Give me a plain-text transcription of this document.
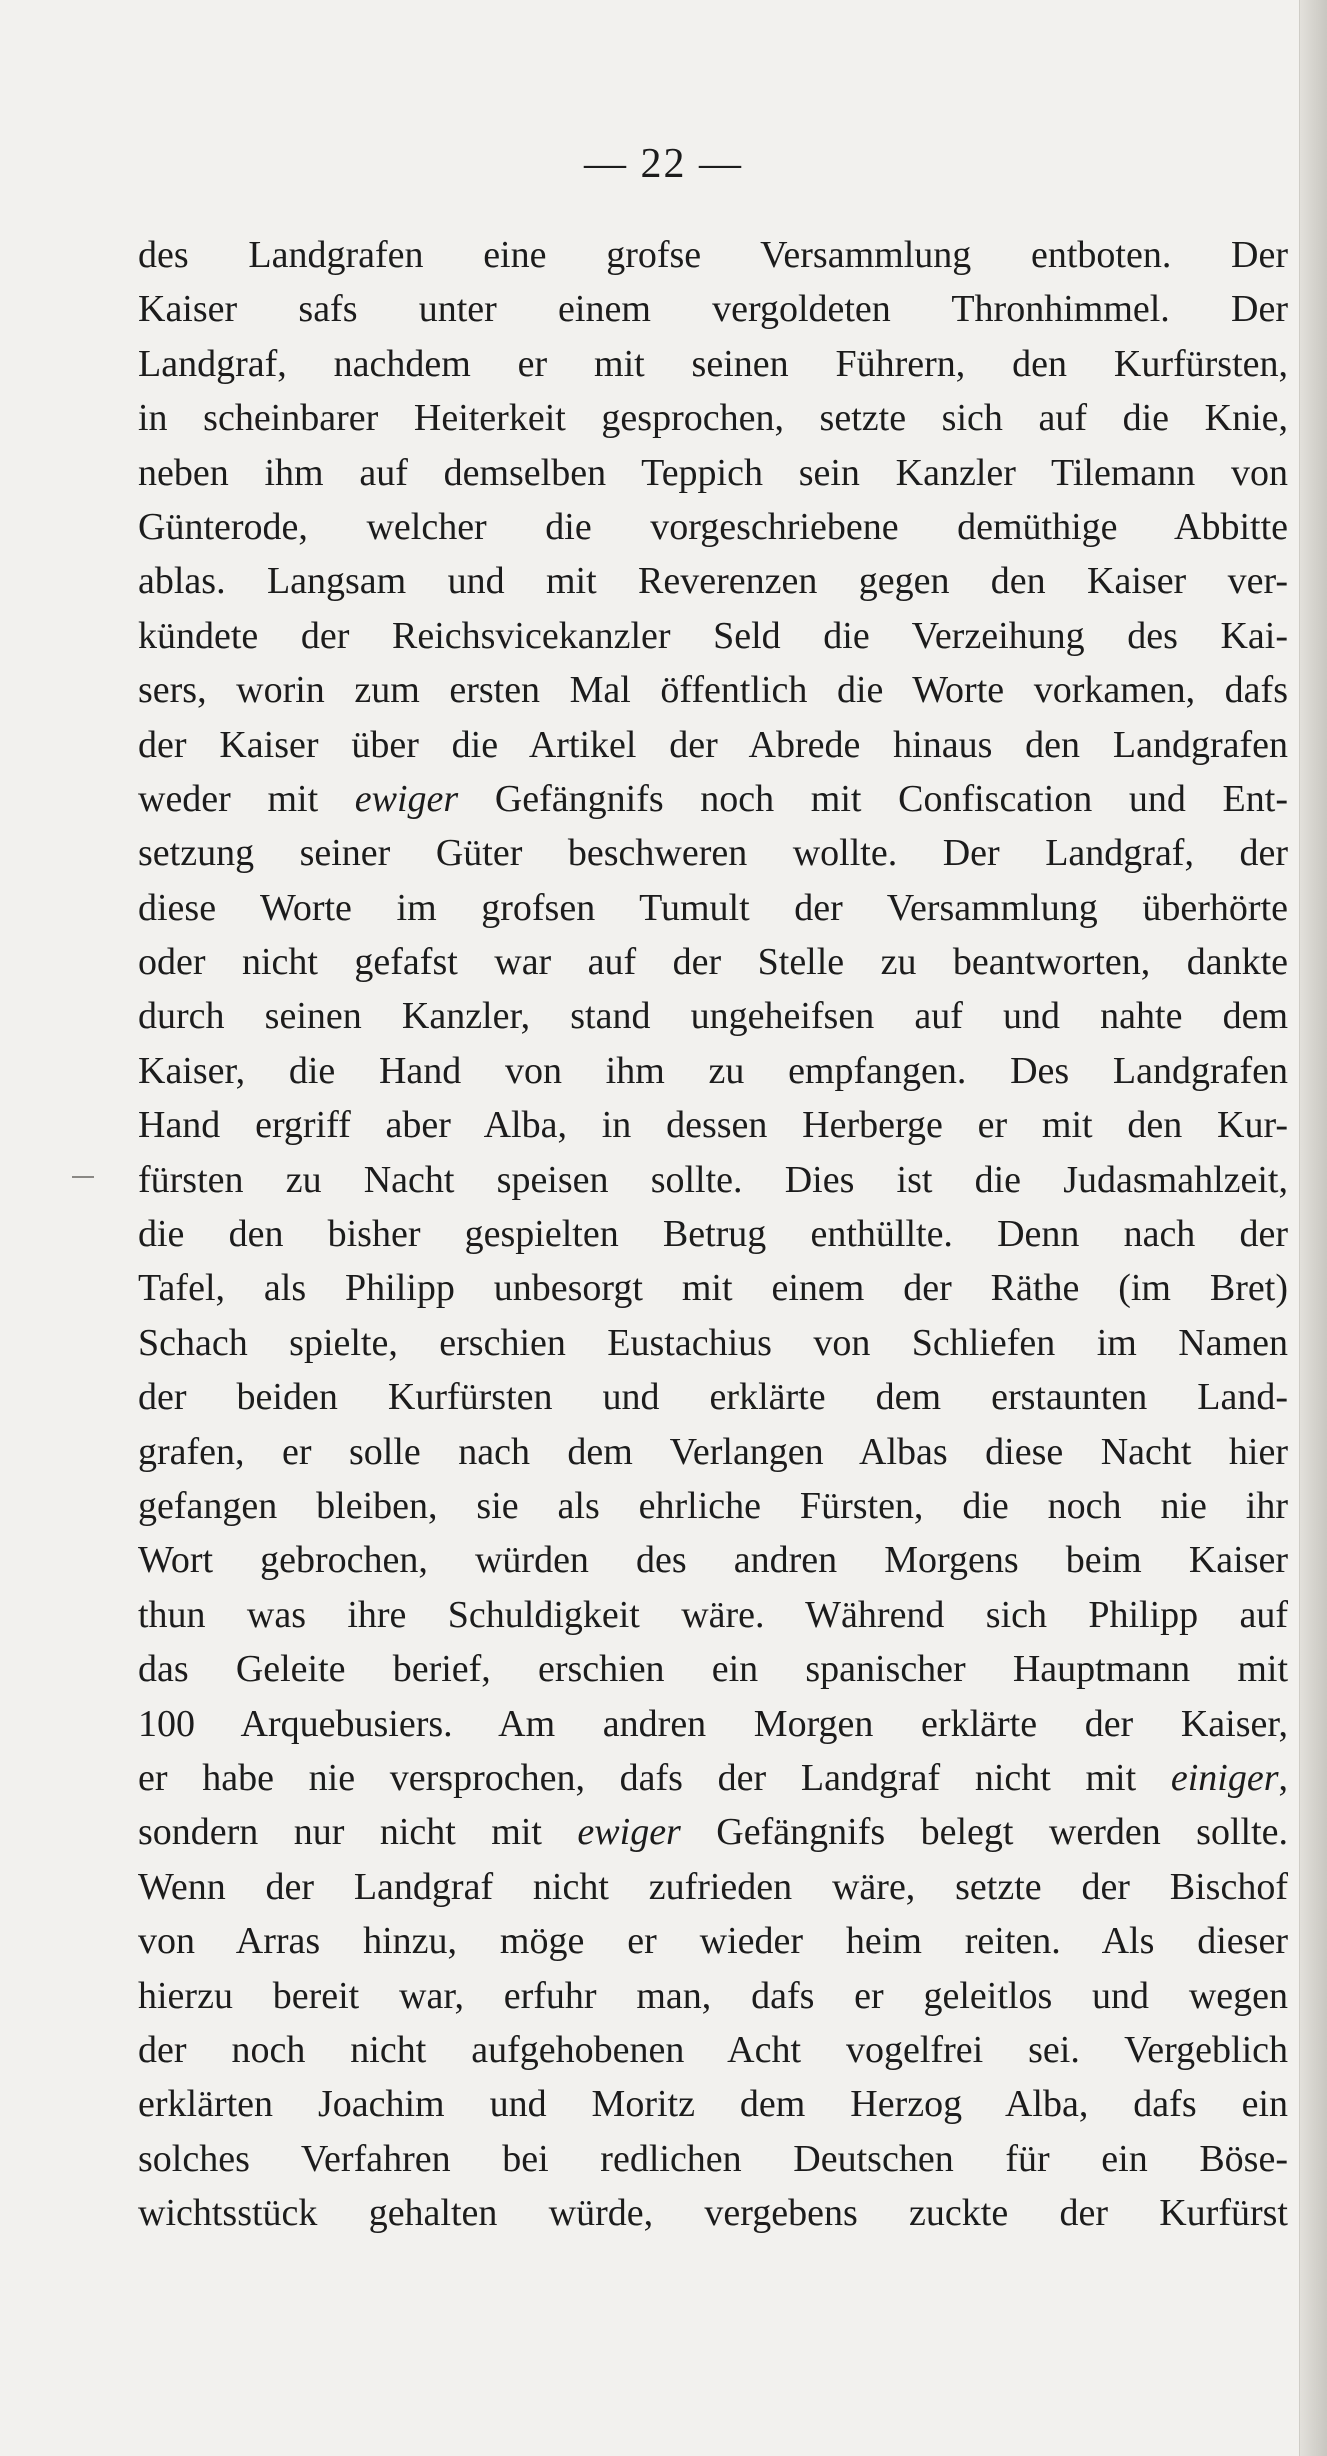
— 22 —
des Landgrafen eine grofse Versammlung entboten. Der
Kaiser safs unter einem vergoldeten Thronhimmel. Der
Landgraf, nachdem er mit seinen Führern, den Kurfürsten,
in scheinbarer Heiterkeit gesprochen, setzte sich auf die Knie,
neben ihm auf demselben Teppich sein Kanzler Tilemann von
Günterode, welcher die vorgeschriebene demüthige Abbitte
ablas. Langsam und mit Reverenzen gegen den Kaiser ver-
kündete der Reichsvicekanzler Seld die Verzeihung des Kai-
sers, worin zum ersten Mal öffentlich die Worte vorkamen, dafs
der Kaiser über die Artikel der Abrede hinaus den Landgrafen
weder mit ewiger Gefängnifs noch mit Confiscation und Ent-
setzung seiner Güter beschweren wollte. Der Landgraf, der
diese Worte im grofsen Tumult der Versammlung überhörte
oder nicht gefafst war auf der Stelle zu beantworten, dankte
durch seinen Kanzler, stand ungeheifsen auf und nahte dem
Kaiser, die Hand von ihm zu empfangen. Des Landgrafen
Hand ergriff aber Alba, in dessen Herberge er mit den Kur-
fürsten zu Nacht speisen sollte. Dies ist die Judasmahlzeit,
die den bisher gespielten Betrug enthüllte. Denn nach der
Tafel, als Philipp unbesorgt mit einem der Räthe (im Bret)
Schach spielte, erschien Eustachius von Schliefen im Namen
der beiden Kurfürsten und erklärte dem erstaunten Land-
grafen, er solle nach dem Verlangen Albas diese Nacht hier
gefangen bleiben, sie als ehrliche Fürsten, die noch nie ihr
Wort gebrochen, würden des andren Morgens beim Kaiser
thun was ihre Schuldigkeit wäre. Während sich Philipp auf
das Geleite berief, erschien ein spanischer Hauptmann mit
100 Arquebusiers. Am andren Morgen erklärte der Kaiser,
er habe nie versprochen, dafs der Landgraf nicht mit einiger,
sondern nur nicht mit ewiger Gefängnifs belegt werden sollte.
Wenn der Landgraf nicht zufrieden wäre, setzte der Bischof
von Arras hinzu, möge er wieder heim reiten. Als dieser
hierzu bereit war, erfuhr man, dafs er geleitlos und wegen
der noch nicht aufgehobenen Acht vogelfrei sei. Vergeblich
erklärten Joachim und Moritz dem Herzog Alba, dafs ein
solches Verfahren bei redlichen Deutschen für ein Böse-
wichtsstück gehalten würde, vergebens zuckte der Kurfürst
